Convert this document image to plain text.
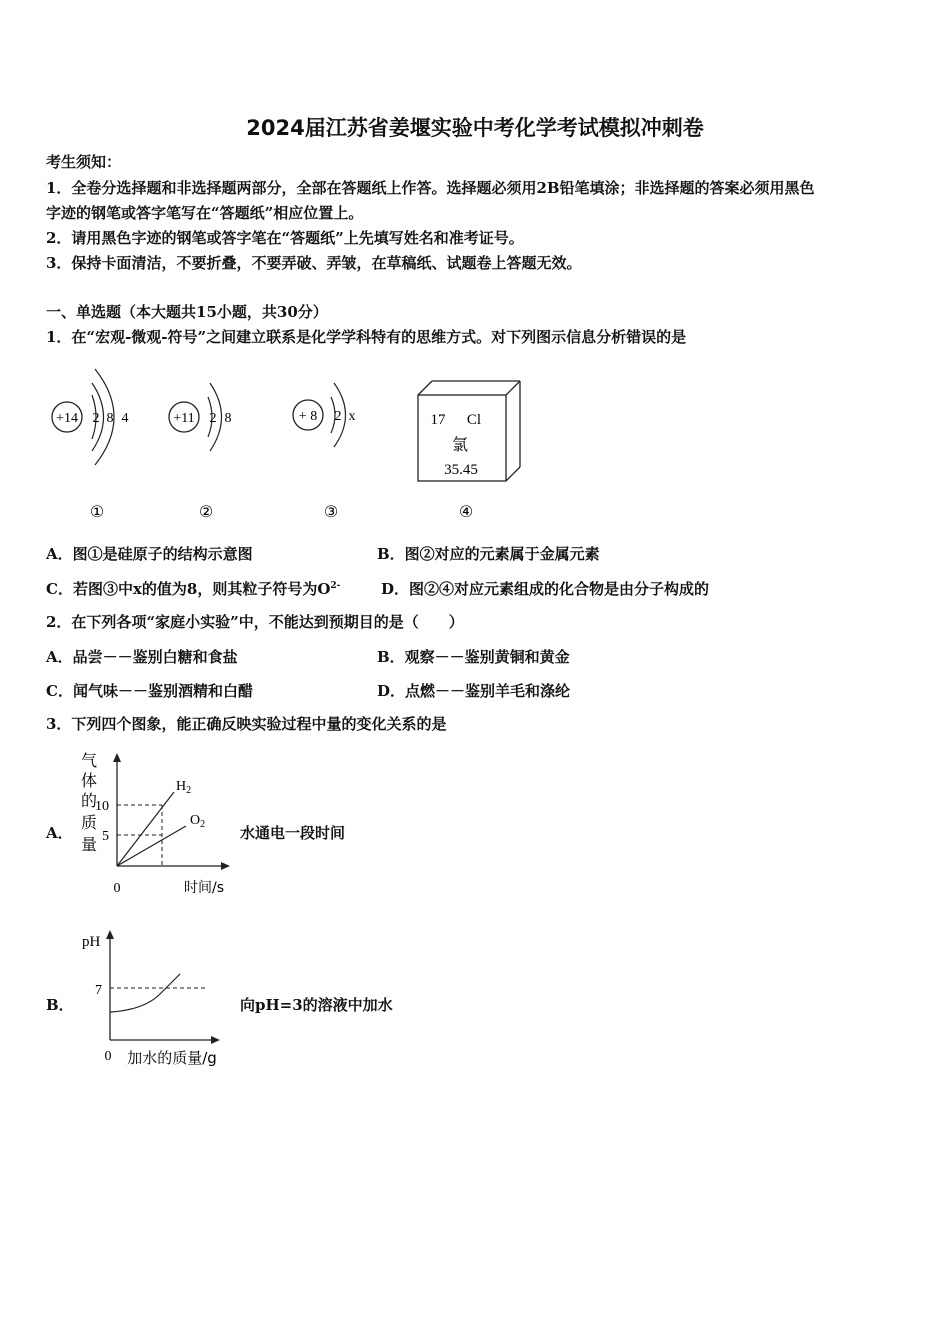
2024届江苏省姜堰实验中考化学考试模拟冲刺卷
考生须知：
1．全卷分选择题和非选择题两部分，全部在答题纸上作答。选择题必须用2B铅笔填涂；非选择题的答案必须用黑色
字迹的钢笔或答字笔写在“答题纸”相应位置上。
2．请用黑色字迹的钢笔或答字笔在“答题纸”上先填写姓名和准考证号。
3．保持卡面清洁，不要折叠，不要弄破、弄皱，在草稿纸、试题卷上答题无效。
一、单选题（本大题共15小题，共30分）
1．在“宏观-微观-符号”之间建立联系是化学学科特有的思维方式。对下列图示信息分析错误的是
+14 2 8 4
①
+11 2 8
②
+ 8 2 x
③
17 Cl
氯
35.45
④
A．图①是硅原子的结构示意图	B．图②对应的元素属于金属元素
C．若图③中x的值为8，则其粒子符号为$O^{2-}$	D．图②④对应元素组成的化合物是由分子构成的
2．在下列各项“家庭小实验”中，不能达到预期目的是（　　）
A．品尝－－鉴别白糖和食盐	B．观察－－鉴别黄铜和黄金
C．闻气味－－鉴别酒精和白醋	D．点燃－－鉴别羊毛和涤纶
3．下列四个图象，能正确反映实验过程中量的变化关系的是
A．
气
体
的
质
量
10
5
$H_2$
$O_2$
0	时间/s
水通电一段时间
B．
pH
7
0 加水的质量/g
向pH=3的溶液中加水
